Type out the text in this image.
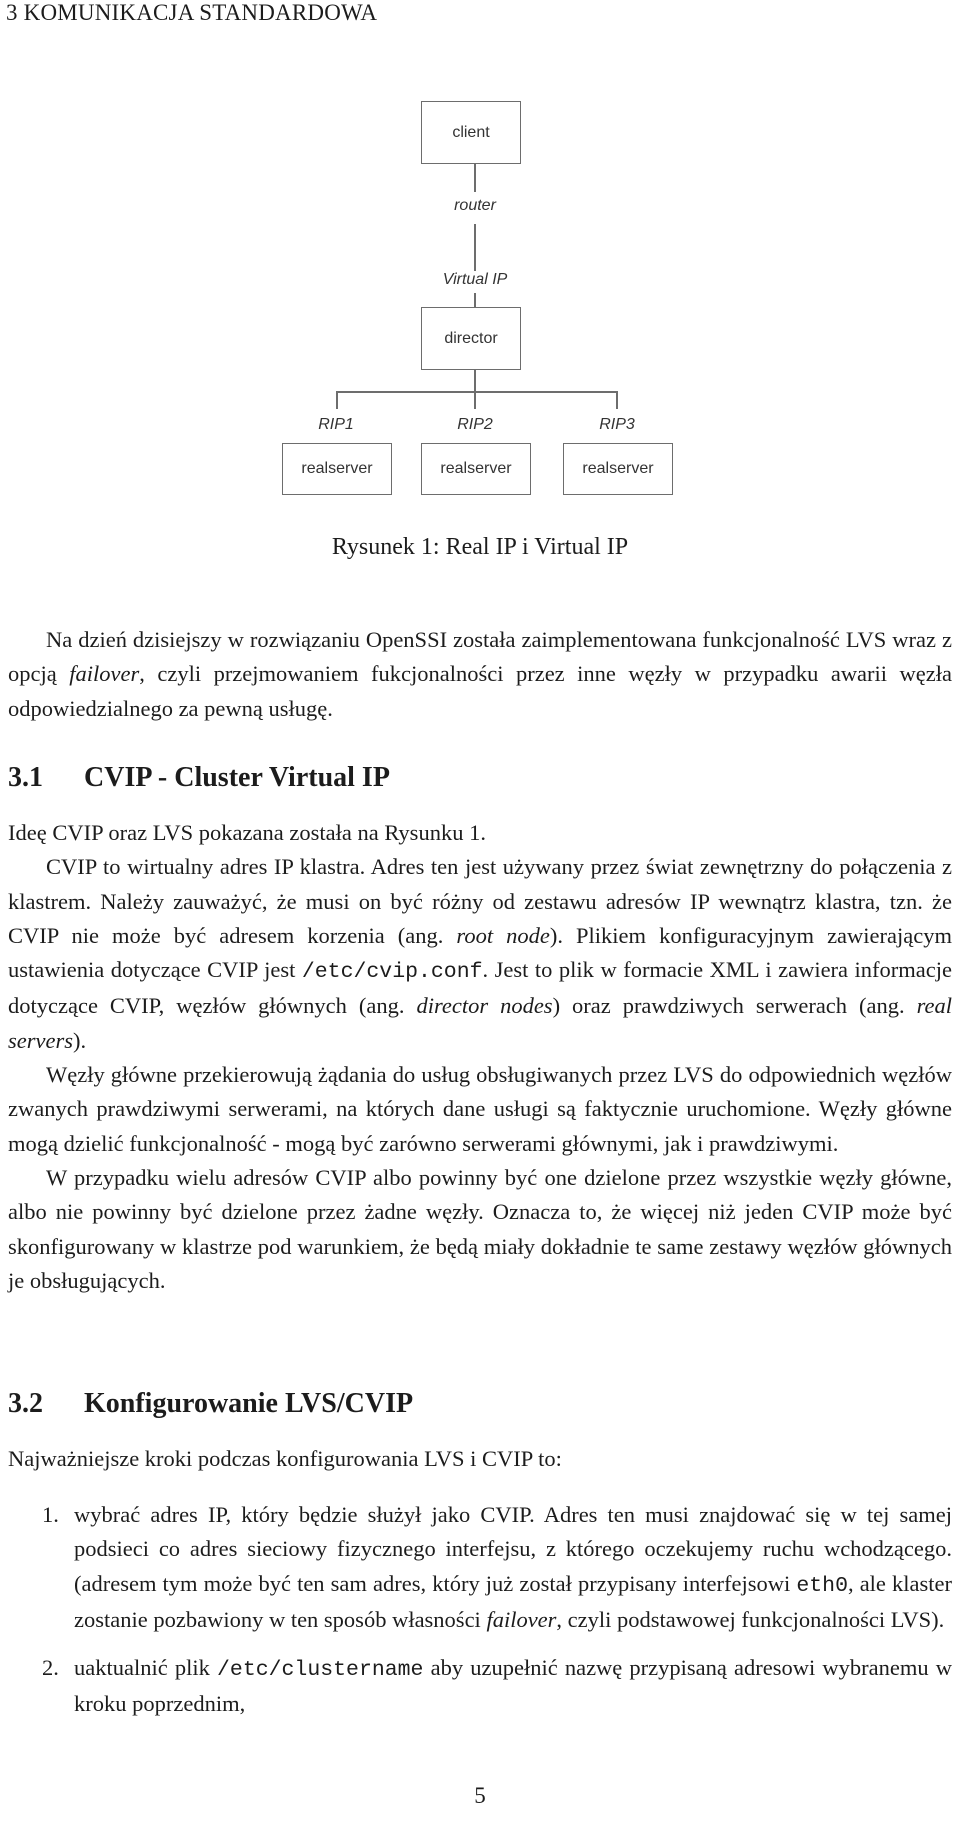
3 KOMUNIKACJA STANDARDOWA
client
router
Virtual IP
director
RIP1	RIP2	RIP3
realserver	realserver	realserver
Rysunek 1: Real IP i Virtual IP

Na dzień dzisiejszy w rozwiązaniu OpenSSI została zaimplementowana funkcjonalność LVS wraz z opcją failover, czyli przejmowaniem fukcjonalności przez inne węzły w przypadku awarii węzła odpowiedzialnego za pewną usługę.

3.1 CVIP - Cluster Virtual IP

Ideę CVIP oraz LVS pokazana została na Rysunku 1.

CVIP to wirtualny adres IP klastra. Adres ten jest używany przez świat zewnętrzny do połączenia z klastrem. Należy zauważyć, że musi on być różny od zestawu adresów IP wewnątrz klastra, tzn. że CVIP nie może być adresem korzenia (ang. root node). Plikiem konfiguracyjnym zawierającym ustawienia dotyczące CVIP jest /etc/cvip.conf. Jest to plik w formacie XML i zawiera informacje dotyczące CVIP, węzłów głównych (ang. director nodes) oraz prawdziwych serwerach (ang. real servers).

Węzły główne przekierowują żądania do usług obsługiwanych przez LVS do odpowiednich węzłów zwanych prawdziwymi serwerami, na których dane usługi są faktycznie uruchomione. Węzły główne mogą dzielić funkcjonalność - mogą być zarówno serwerami głównymi, jak i prawdziwymi.

W przypadku wielu adresów CVIP albo powinny być one dzielone przez wszystkie węzły główne, albo nie powinny być dzielone przez żadne węzły. Oznacza to, że więcej niż jeden CVIP może być skonfigurowany w klastrze pod warunkiem, że będą miały dokładnie te same zestawy węzłów głównych je obsługujących.

3.2 Konfigurowanie LVS/CVIP

Najważniejsze kroki podczas konfigurowania LVS i CVIP to:

1. wybrać adres IP, który będzie służył jako CVIP. Adres ten musi znajdować się w tej samej podsieci co adres sieciowy fizycznego interfejsu, z którego oczekujemy ruchu wchodzącego. (adresem tym może być ten sam adres, który już został przypisany interfejsowi eth0, ale klaster zostanie pozbawiony w ten sposób własności failover, czyli podstawowej funkcjonalności LVS).
2. uaktualnić plik /etc/clustername aby uzupełnić nazwę przypisaną adresowi wybranemu w kroku poprzednim,
5
